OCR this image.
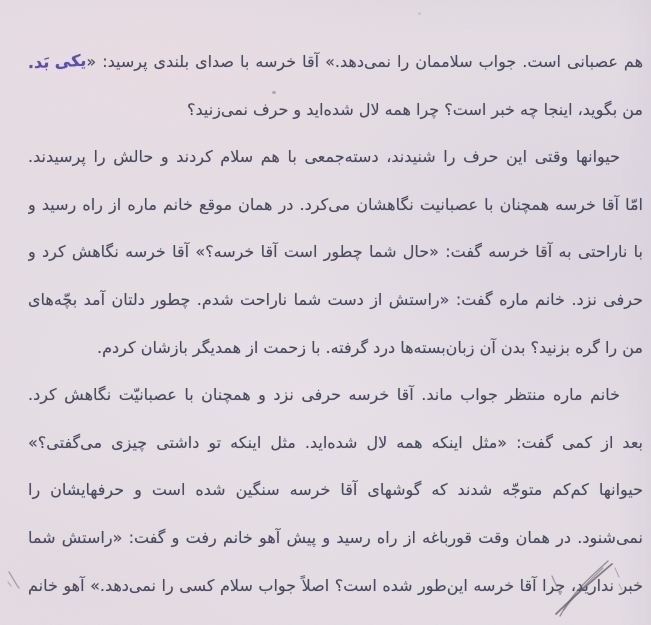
هم عصبانی است. جواب سلاممان را نمی‌دهد.» آقا خرسه با صدای بلندی پرسید: «یکی بَد.
من بگوید، اینجا چه خبر است؟ چرا همه لال شده‌اید و حرف نمی‌زنید؟
حیوانها وقتی این حرف را شنیدند، دسته‌جمعی با هم سلام کردند و حالش را پرسیدند.
امّا آقا خرسه همچنان با عصبانیت نگاهشان می‌کرد. در همان موقع خانم ماره از راه رسید و
با ناراحتی به آقا خرسه گفت: «حال شما چطور است آقا خرسه؟» آقا خرسه نگاهش کرد و
حرفی نزد. خانم ماره گفت: «راستش از دست شما ناراحت شدم. چطور دلتان آمد بچّه‌های
من را گره بزنید؟ بدن آن زبان‌بسته‌ها درد گرفته. با زحمت از همدیگر بازشان کردم.
خانم ماره منتظر جواب ماند. آقا خرسه حرفی نزد و همچنان با عصبانیّت نگاهش کرد.
بعد از کمی گفت: «مثل اینکه همه لال شده‌اید. مثل اینکه تو داشتی چیزی می‌گفتی؟»
حیوانها کم‌کم متوجّه شدند که گوشهای آقا خرسه سنگین شده است و حرفهایشان را
نمی‌شنود. در همان وقت قورباغه از راه رسید و پیش آهو خانم رفت و گفت: «راستش شما
خبر ندارید، چرا آقا خرسه این‌طور شده است؟ اصلاً جواب سلام کسی را نمی‌دهد.» آهو خانم
